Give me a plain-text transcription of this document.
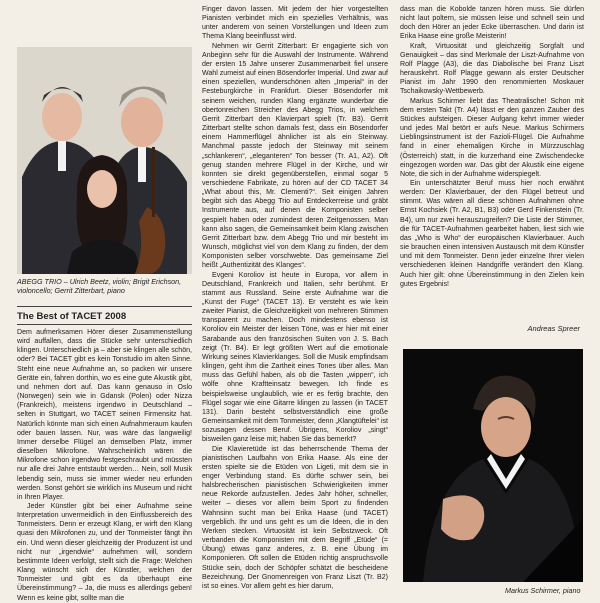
ABEGG TRIO – Ulrich Beetz, violin; Brigit Erichson, violoncello; Gerrit Zitterbart, piano
The Best of TACET 2008

Dem aufmerksamen Hörer dieser Zusammenstellung wird auffallen, dass die Stücke sehr unterschiedlich klingen. Unterschiedlich ja – aber sie klingen alle schön, oder? Bei TACET gibt es kein Tonstudio im alten Sinne. Steht eine neue Aufnahme an, so packen wir unsere Geräte ein, fahren dorthin, wo es eine gute Akustik gibt, und nehmen dort auf. Das kann genauso in Oslo (Norwegen) sein wie in Gdansk (Polen) oder Nizza (Frankreich), meistens irgendwo in Deutschland – selten in Stuttgart, wo TACET seinen Firmensitz hat. Natürlich könnte man sich einen Aufnahmeraum kaufen oder bauen lassen. Nur, was wäre das langweilig! Immer derselbe Flügel an demselben Platz, immer dieselben Mikrofone. Wahrscheinlich wären die Mikrofone schon irgendwo festgeschraubt und müssten nur alle drei Jahre entstaubt werden… Nein, soll Musik lebendig sein, muss sie immer wieder neu erfunden werden. Sonst gehört sie wirklich ins Museum und nicht in Ihren Player.

Jeder Künstler gibt bei einer Aufnahme seine Interpretation unvermeidlich in den Einflussbereich des Tonmeisters. Denn er erzeugt Klang, er wirft den Klang quasi den Mikrofonen zu, und der Tonmeister fängt ihn ein. Und wenn dieser gleichzeitig der Produzent ist und nicht nur „irgendwie“ aufnehmen will, sondern bestimmte Ideen verfolgt, stellt sich die Frage: Welchen Klang wünscht sich der Künstler, welchen der Tonmeister und gibt es da überhaupt eine Übereinstimmung? – Ja, die muss es allerdings geben! Wenn es keine gibt, sollte man die

Finger davon lassen. Mit jedem der hier vorgestellten Pianisten verbindet mich ein spezielles Verhältnis, was unter anderem von seinen Vorstellungen und Ideen zum Thema Klang beeinflusst wird.

Nehmen wir Gerrit Zitterbart: Er engagierte sich von Anbeginn sehr für die Auswahl der Instrumente. Während der ersten 15 Jahre unserer Zusammenarbeit fiel unsere Wahl zumeist auf einen Bösendorfer Imperial. Und zwar auf einen speziellen, wunderschönen alten „Imperial“ in der Festeburgkirche in Frankfurt. Dieser Bösendorfer mit seinem weichen, runden Klang ergänzte wunderbar die obertonreichen Streicher des Abegg Trios, in welchem Gerrit Zitterbart den Klavierpart spielt (Tr. B3). Gerrit Zitterbart stellte schon damals fest, dass ein Bösendorfer einem Hammerflügel ähnlicher ist als ein Steinway. Manchmal passte jedoch der Steinway mit seinem „schlankeren“, „eleganteren“ Ton besser (Tr. A1, A2). Oft genug standen mehrere Flügel in der Kirche, und wir konnten sie direkt gegenüberstellen, einmal sogar 5 verschiedene Fabrikate, zu hören auf der CD TACET 34 „What about this, Mr. Clementi?“. Seit einigen Jahren begibt sich das Abegg Trio auf Entdeckerreise und gräbt Instrumente aus, auf denen die Komponisten selber gespielt haben oder zumindest deren Zeitgenossen. Man kann also sagen, die Gemeinsamkeit beim Klang zwischen Gerrit Zitterbart bzw. dem Abegg Trio und mir besteht im Wunsch, möglichst viel von dem Klang zu finden, der dem Komponisten selber vorschwebte. Das gemeinsame Ziel heißt „Authentizität des Klanges“.

Evgeni Koroliov ist heute in Europa, vor allem in Deutschland, Frankreich und Italien, sehr berühmt. Er stammt aus Russland. Seine erste Aufnahme war die „Kunst der Fuge“ (TACET 13). Er versteht es wie kein zweiter Pianist, die Gleichzeitigkeit von mehreren Stimmen transparent zu machen. Doch mindestens ebenso ist Koroliov ein Meister der leisen Töne, was er hier mit einer Sarabande aus den französischen Suiten von J. S. Bach zeigt (Tr. B4). Er legt größten Wert auf die emotionale Wirkung seines Klavierklanges. Soll die Musik empfindsam klingen, geht ihm die Zartheit eines Tones über alles. Man muss das Gefühl haben, als ob die Tasten „wippen“, ich wölfe ohne Kraftteinsatz bewegen. Ich finde es beispielsweise unglaublich, wie er es fertig brachte, den Flügel sogar wie eine Gitarre klingen zu lassen (in TACET 131). Darin besteht selbstverständlich eine große Gemeinsamkeit mit dem Tonmeister, denn „Klangtüftelei“ ist sozusagen dessen Beruf. Übrigens, Koroliov „singt“ bisweilen ganz leise mit; haben Sie das bemerkt?

Die Klavieretüde ist das beherrschende Thema der pianistischen Laufbahn von Erika Haase. Als eine der ersten spielte sie die Etüden von Ligeti, mit dem sie in enger Verbindung stand. Es dürfte schwer sein, bei halsbrecherischen pianistischen Schwierigkeiten immer neue Rekorde aufzustellen. Jedes Jahr höher, schneller, weiter – dieses vor allem beim Sport zu findenden Wahnsinn sucht man bei Erika Haase (und TACET) vergeblich. Ihr und uns geht es um die Ideen, die in den Werken stecken. Virtuosität ist kein Selbstzweck. Oft verbanden die Komponisten mit dem Begriff „Etüde“ (= Übung) etwas ganz anderes, z. B. eine Übung im Komponieren. Oft sollen die Etüden richtig anspruchsvolle Stücke sein, doch der Schöpfer schätzt die bescheidene Bezeichnung. Der Gnomenreigen von Franz Liszt (Tr. B2) ist so eines. Vor allem geht es hier darum,

dass man die Kobolde tanzen hören muss. Sie dürfen nicht laut poltern, sie müssen leise und schnell sein und doch den Hörer an jeder Ecke überraschen. Und darin ist Erika Haase eine große Meisterin!

Kraft, Virtuosität und gleichzeitig Sorgfalt und Genauigkeit – das sind Merkmale der Liszt-Aufnahme von Rolf Plagge (A3), die das Diabolische bei Franz Liszt herauskehrt. Rolf Plagge gewann als erster Deutscher Pianist im Jahr 1990 den renommierten Moskauer Tschaikowsky-Wettbewerb.

Markus Schirmer liebt das Theatralische! Schon mit dem ersten Takt (Tr. A4) lässt er den ganzen Zauber des Stückes aufsteigen. Dieser Aufgang kehrt immer wieder und jedes Mal betört er aufs Neue. Markus Schirmers Lieblingsinstrument ist der Fazioli-Flügel. Die Aufnahme fand in einer ehemaligen Kirche in Mürzzuschlag (Österreich) statt, in die kurzerhand eine Zwischendecke eingezogen worden war. Das gibt der Akustik eine eigene Note, die sich in der Aufnahme widerspiegelt.

Ein unterschätzter Beruf muss hier noch erwähnt werden: Der Klavierbauer, der den Flügel betreut und stimmt. Was wären all diese schönen Aufnahmen ohne Ernst Kochsiek (Tr. A2, B1, B3) oder Gerd Finkenstein (Tr. B4), um nur zwei herauszugreifen? Die Liste der Stimmer, die für TACET-Aufnahmen gearbeitet haben, liest sich wie das „Who is Who“ der europäischen Klavierbauer. Auch sie brauchen einen intensiven Austausch mit dem Künstler und mit dem Tonmeister. Denn jeder einzelne Ihrer vielen verschiedenen kleinen Handgriffe verändert den Klang. Auch hier gilt: ohne Übereinstimmung in den Zielen kein gutes Ergebnis!

Andreas Spreer
Markus Schirmer, piano
